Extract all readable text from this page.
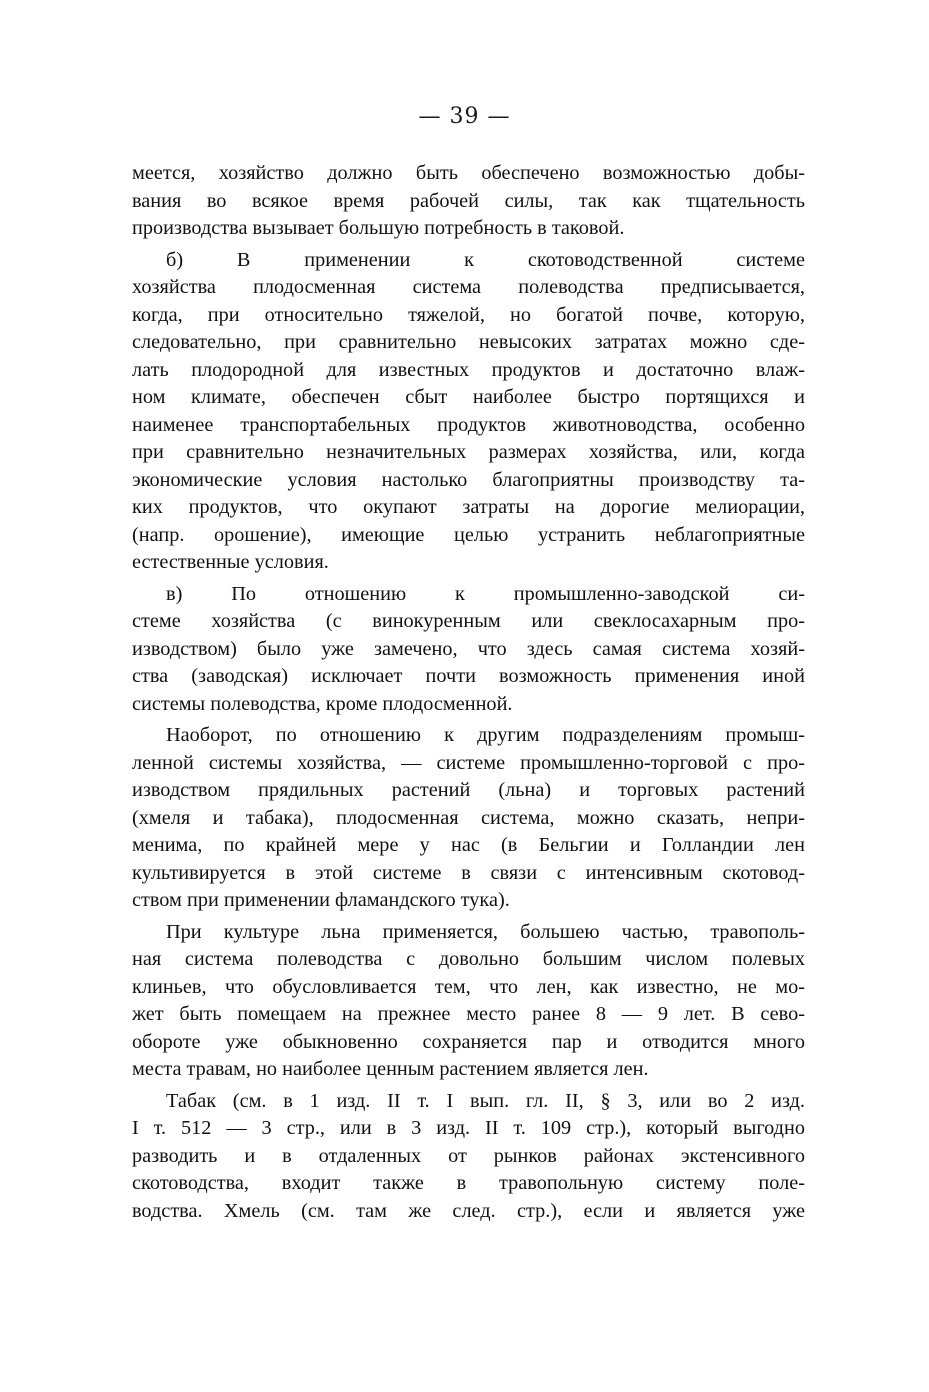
— 39 —
меется, хозяйство должно быть обеспечено возможностью добы-
вания во всякое время рабочей силы, так как тщательность
производства вызывает большую потребность в таковой.
б) В применении к скотоводственной системе
хозяйства плодосменная система полеводства предписывается,
когда, при относительно тяжелой, но богатой почве, которую,
следовательно, при сравнительно невысоких затратах можно сде-
лать плодородной для известных продуктов и достаточно влаж-
ном климате, обеспечен сбыт наиболее быстро портящихся и
наименее транспортабельных продуктов животноводства, особенно
при сравнительно незначительных размерах хозяйства, или, когда
экономические условия настолько благоприятны производству та-
ких продуктов, что окупают затраты на дорогие мелиорации,
(напр. орошение), имеющие целью устранить неблагоприятные
естественные условия.
в) По отношению к промышленно-заводской си-
стеме хозяйства (с винокуренным или свеклосахарным про-
изводством) было уже замечено, что здесь самая система хозяй-
ства (заводская) исключает почти возможность применения иной
системы полеводства, кроме плодосменной.
Наоборот, по отношению к другим подразделениям промыш-
ленной системы хозяйства, — системе промышленно-торговой с про-
изводством прядильных растений (льна) и торговых растений
(хмеля и табака), плодосменная система, можно сказать, непри-
менима, по крайней мере у нас (в Бельгии и Голландии лен
культивируется в этой системе в связи с интенсивным скотовод-
ством при применении фламандского тука).
При культуре льна применяется, большею частью, травополь-
ная система полеводства с довольно большим числом полевых
клиньев, что обусловливается тем, что лен, как известно, не мо-
жет быть помещаем на прежнее место ранее 8 — 9 лет. В сево-
обороте уже обыкновенно сохраняется пар и отводится много
места травам, но наиболее ценным растением является лен.
Табак (см. в 1 изд. II т. I вып. гл. II, § 3, или во 2 изд.
I т. 512 — 3 стр., или в 3 изд. II т. 109 стр.), который выгодно
разводить и в отдаленных от рынков районах экстенсивного
скотоводства, входит также в травопольную систему поле-
водства. Хмель (см. там же след. стр.), если и является уже
